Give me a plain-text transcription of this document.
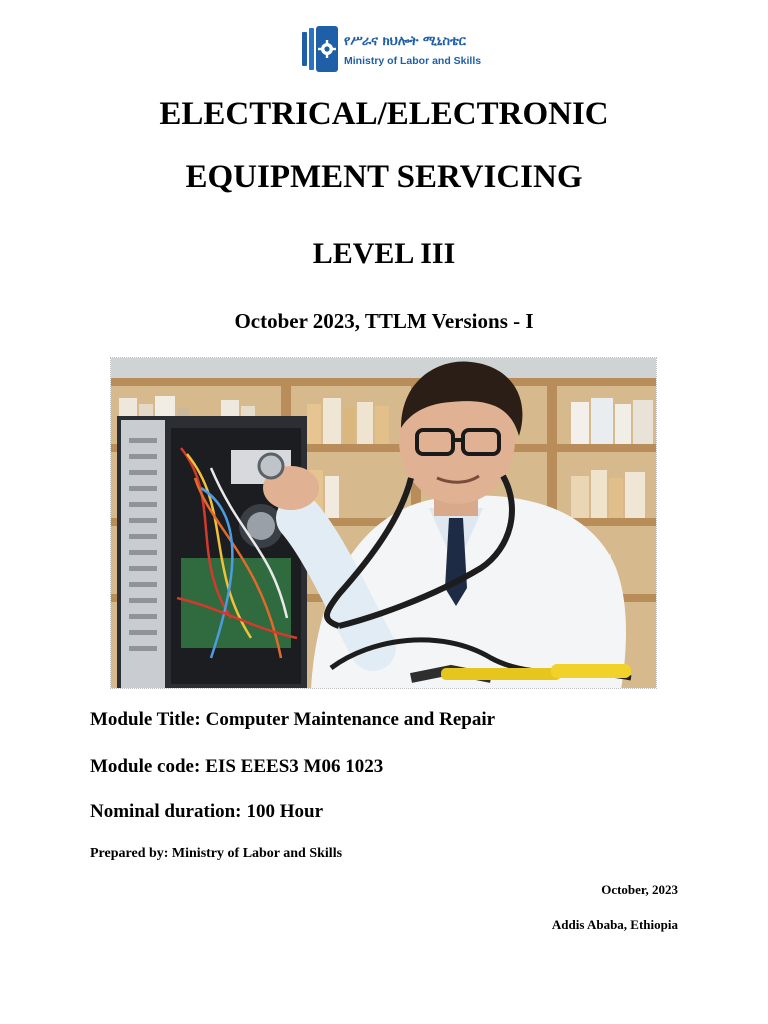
የሥራና ክህሎት ሚኒስቴር
Ministry of Labor and Skills
ELECTRICAL/ELECTRONIC
EQUIPMENT SERVICING
LEVEL III
October 2023, TTLM Versions - I
Module Title: Computer Maintenance and Repair
Module code: EIS EEES3 M06 1023
Nominal duration: 100 Hour
Prepared by: Ministry of Labor and Skills
October, 2023
Addis Ababa, Ethiopia
